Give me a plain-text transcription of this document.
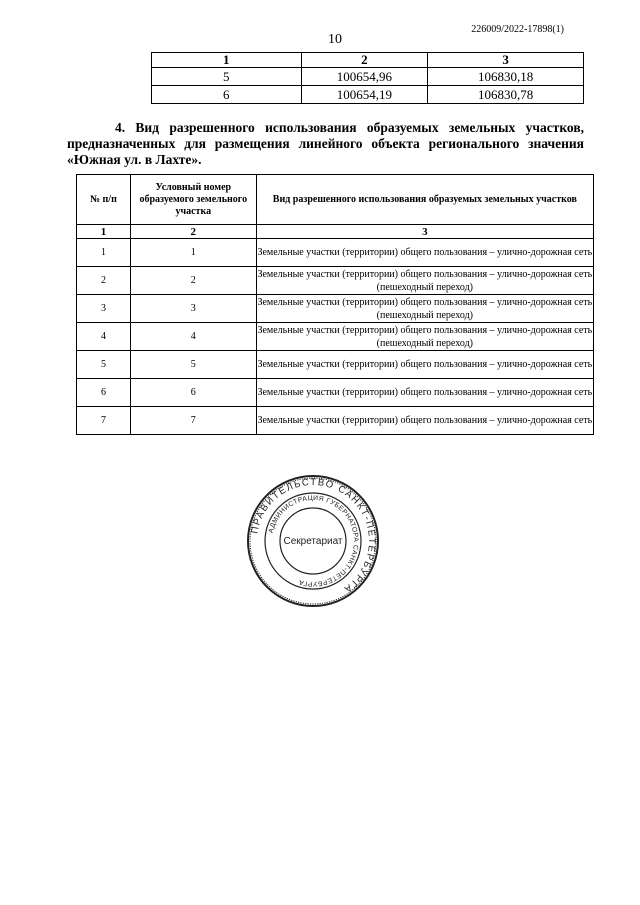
226009/2022-17898(1)
10
1	2	3
5	100654,96	106830,18
6	100654,19	106830,78
4. Вид разрешенного использования образуемых земельных участков, предназначенных для размещения линейного объекта регионального значения «Южная ул. в Лахте».
№ п/п	Условный номер образуемого земельного участка	Вид разрешенного использования образуемых земельных участков
1	2	3
1	1	Земельные участки (территории) общего пользования – улично-дорожная сеть
2	2	Земельные участки (территории) общего пользования – улично-дорожная сеть (пешеходный переход)
3	3	Земельные участки (территории) общего пользования – улично-дорожная сеть (пешеходный переход)
4	4	Земельные участки (территории) общего пользования – улично-дорожная сеть (пешеходный переход)
5	5	Земельные участки (территории) общего пользования – улично-дорожная сеть
6	6	Земельные участки (территории) общего пользования – улично-дорожная сеть
7	7	Земельные участки (территории) общего пользования – улично-дорожная сеть
ПРАВИТЕЛЬСТВО САНКТ-ПЕТЕРБУРГА
АДМИНИСТРАЦИЯ ГУБЕРНАТОРА САНКТ-ПЕТЕРБУРГА
Секретариат
